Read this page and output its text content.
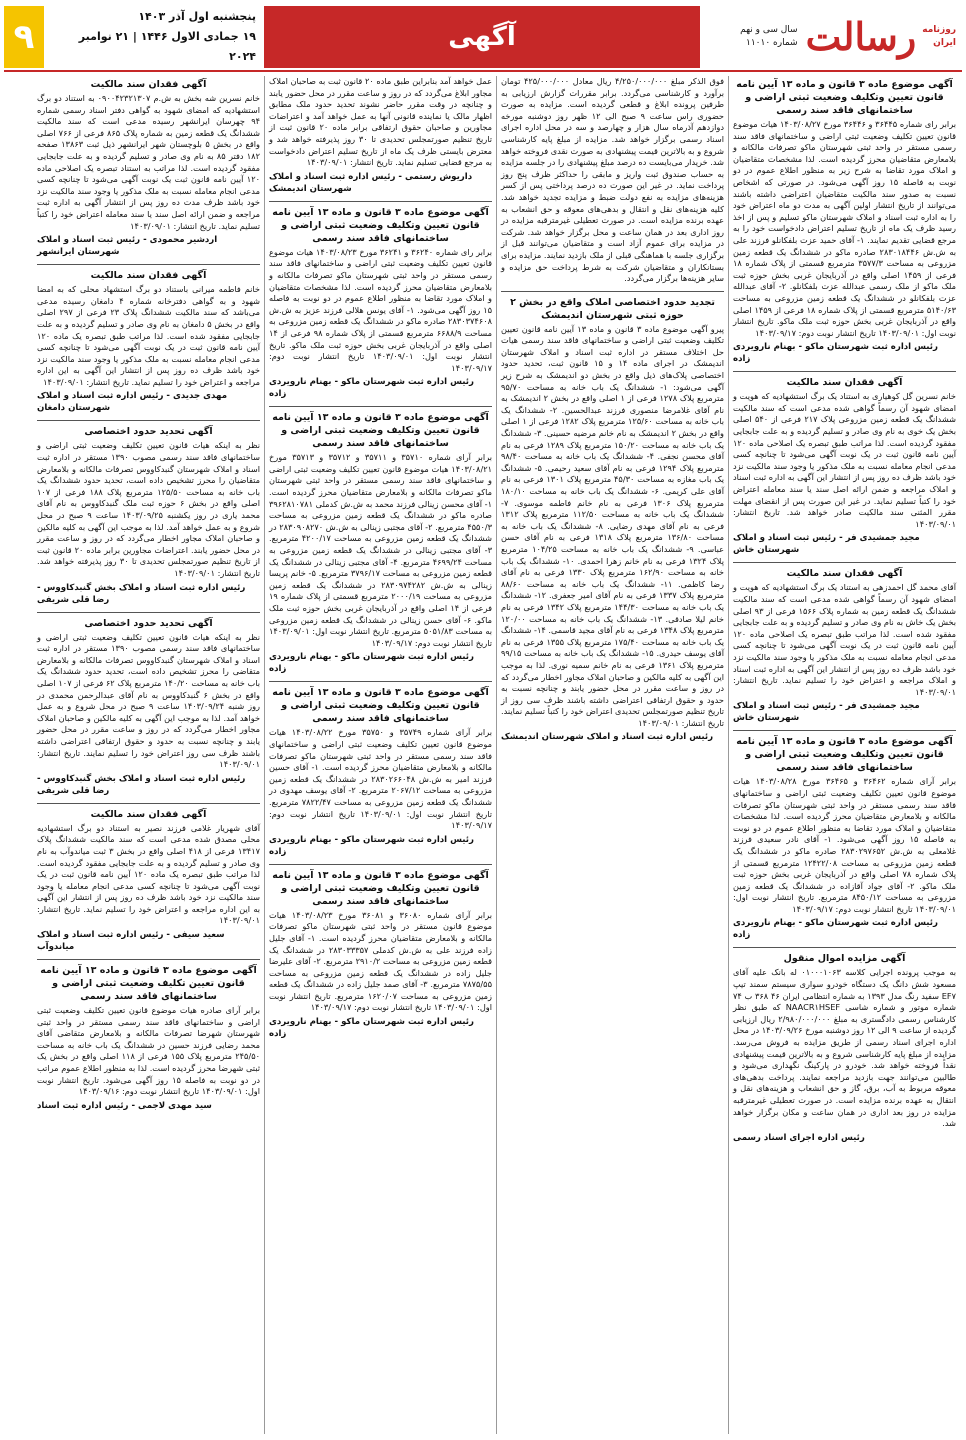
روزنامه
ایران
رسالت
سال سی و نهم
شماره ۱۱۰۱۰
آگهی
پنجشنبه اول آذر ۱۴۰۳
۱۹ جمادی الاول ۱۴۴۶ | ۲۱ نوامبر ۲۰۲۴
۹
آگهی موضوع ماده ۳ قانون و ماده ۱۳ آیین نامه قانون تعیین وتکلیف وضعیت ثبتی اراضی و ساختمانهای فاقد سند رسمی

برابر رای شماره ۳۶۴۴۵ و ۳۶۴۴۶ مورخ ۱۴۰۳/۰۸/۲۷ هیات موضوع قانون تعیین تکلیف وضعیت ثبتی اراضی و ساختمانهای فاقد سند رسمی مستقر در واحد ثبتی شهرستان ماکو تصرفات مالکانه و بلامعارض متقاضیان محرز گردیده است. لذا مشخصات متقاضیان و املاک مورد تقاضا به شرح زیر به منظور اطلاع عموم در دو نوبت به فاصله ۱۵ روز آگهی می‌شود. در صورتی که اشخاص نسبت به صدور سند مالکیت متقاضیان اعتراضی داشته باشند می‌توانند از تاریخ انتشار اولین آگهی به مدت دو ماه اعتراض خود را به اداره ثبت اسناد و املاک شهرستان ماکو تسلیم و پس از اخذ رسید ظرف یک ماه از تاریخ تسلیم اعتراض دادخواست خود را به مرجع قضایی تقدیم نمایند. ۱- آقای حمید عزت بلفکانلو فرزند علی به ش.ش ۲۸۳۰۱۸۴۴۶ صادره ماکو در ششدانگ یک قطعه زمین مزروعی به مساحت ۳۵۷۷/۳ مترمربع قسمتی از پلاک شماره ۱۸ فرعی از ۱۴۵۹ اصلی واقع در آذربایجان غربی بخش حوزه ثبت ملک ماکو از ملک رسمی عبدالله عزت بلفکانلو. ۲- آقای عبدالله عزت بلفکانلو در ششدانگ یک قطعه زمین مزروعی به مساحت ۵۱۴۰/۶۳ مترمربع قسمتی از پلاک شماره ۱۸ فرعی از ۱۴۵۹ اصلی واقع در آذربایجان غربی بخش حوزه ثبت ملک ماکو. تاریخ انتشار نوبت اول: ۱۴۰۳/۰۹/۰۱ تاریخ انتشار نوبت دوم: ۱۴۰۳/۰۹/۱۷

رئیس اداره ثبت شهرستان ماکو - بهنام نارویردی زاده
آگهی فقدان سند مالکیت

خانم نسرین گل کوهیاری به استناد یک برگ استشهادیه که هویت و امضای شهود آن رسماً گواهی شده مدعی است که سند مالکیت ششدانگ یک قطعه زمین مزروعی پلاک ۲۱۷ فرعی از ۵۴۰ اصلی بخش یک خوی به نام وی صادر و تسلیم گردیده و به علت جابجایی مفقود گردیده است. لذا مراتب طبق تبصره یک اصلاحی ماده ۱۲۰ آیین نامه قانون ثبت در یک نوبت آگهی می‌شود تا چنانچه کسی مدعی انجام معامله نسبت به ملک مذکور یا وجود سند مالکیت نزد خود باشد ظرف ده روز پس از انتشار این آگهی به اداره ثبت اسناد و املاک مراجعه و ضمن ارائه اصل سند یا سند معامله اعتراض خود را کتباً تسلیم نماید. در غیر این صورت پس از انقضای مهلت مقرر المثنی سند مالکیت صادر خواهد شد. تاریخ انتشار: ۱۴۰۳/۰۹/۰۱

مجید جمشیدی فر - رئیس ثبت اسناد و املاک شهرستان خاش
آگهی فقدان سند مالکیت

آقای محمد گل احمدزهی به استناد یک برگ استشهادیه که هویت و امضای شهود آن رسماً گواهی شده مدعی است که سند مالکیت ششدانگ یک قطعه زمین به شماره پلاک ۱۵۶۶ فرعی از ۹۳ اصلی بخش یک خاش به نام وی صادر و تسلیم گردیده و به علت جابجایی مفقود شده است. لذا مراتب طبق تبصره یک اصلاحی ماده ۱۲۰ آیین نامه قانون ثبت در یک نوبت آگهی می‌شود تا چنانچه کسی مدعی انجام معامله نسبت به ملک مذکور یا وجود سند مالکیت نزد خود باشد ظرف ده روز پس از انتشار این آگهی به اداره ثبت اسناد و املاک مراجعه و اعتراض خود را تسلیم نماید. تاریخ انتشار: ۱۴۰۳/۰۹/۰۱

مجید جمشیدی فر - رئیس ثبت اسناد و املاک شهرستان خاش
آگهی موضوع ماده ۳ قانون و ماده ۱۳ آیین نامه قانون تعیین وتکلیف وضعیت ثبتی اراضی و ساختمانهای فاقد سند رسمی

برابر آرای شماره ۳۶۴۶۲ و ۳۶۴۶۵ مورخ ۱۴۰۳/۰۸/۲۸ هیات موضوع قانون تعیین تکلیف وضعیت ثبتی اراضی و ساختمانهای فاقد سند رسمی مستقر در واحد ثبتی شهرستان ماکو تصرفات مالکانه و بلامعارض متقاضیان محرز گردیده است. لذا مشخصات متقاضیان و املاک مورد تقاضا به منظور اطلاع عموم در دو نوبت به فاصله ۱۵ روز آگهی می‌شود. ۱- آقای نادر سعیدی فرزند غلامعلی به ش.ش ۲۸۳۰۲۹۷۶۵۲ صادره ماکو در ششدانگ یک قطعه زمین مزروعی به مساحت ۱۲۴۲۲/۰۸ مترمربع قسمتی از پلاک شماره ۷۸ اصلی واقع در آذربایجان غربی بخش حوزه ثبت ملک ماکو. ۲- آقای جواد آقازاده در ششدانگ یک قطعه زمین مزروعی به مساحت ۸۴۵۰/۱۲ مترمربع. تاریخ انتشار نوبت اول: ۱۴۰۳/۰۹/۰۱ تاریخ انتشار نوبت دوم: ۱۴۰۳/۰۹/۱۷

رئیس اداره ثبت شهرستان ماکو - بهنام نارویردی زاده
آگهی مزایده اموال منقول

به موجب پرونده اجرایی کلاسه ۰۱۰۰۰۱۰۶۳ له بانک علیه آقای مسعود شش دانگ یک دستگاه خودرو سواری سیستم سمند تیپ EF۷ سفید رنگ مدل ۱۳۹۳ به شماره انتظامی ایران ۴۶ ۳۶۸ ب ۷۴ شماره موتور و شماره شاسی NAACR۱HSEF که طبق نظر کارشناس رسمی دادگستری به مبلغ ۲/۹۸۰/۰۰۰/۰۰۰ ریال ارزیابی گردیده از ساعت ۹ الی ۱۲ روز دوشنبه مورخ ۱۴۰۳/۰۹/۲۶ در محل اداره اجرای اسناد رسمی از طریق مزایده به فروش می‌رسد. مزایده از مبلغ پایه کارشناسی شروع و به بالاترین قیمت پیشنهادی نقداً فروخته خواهد شد. خودرو در پارکینگ نگهداری می‌شود و طالبین می‌توانند جهت بازدید مراجعه نمایند. پرداخت بدهی‌های معوقه مربوط به آب، برق، گاز و حق انشعاب و هزینه‌های نقل و انتقال به عهده برنده مزایده است. در صورت تعطیلی غیرمترقبه مزایده در روز بعد اداری در همان ساعت و مکان برگزار خواهد شد.

رئیس اداره اجرای اسناد رسمی

فوق الذکر مبلغ ۴/۲۵۰/۰۰۰/۰۰۰ ریال معادل ۴۲۵/۰۰۰/۰۰۰ تومان برآورد و کارشناسی می‌گردد. برابر مقررات گزارش ارزیابی به طرفین پرونده ابلاغ و قطعی گردیده است. مزایده به صورت حضوری راس ساعت ۹ صبح الی ۱۲ ظهر روز دوشنبه مورخه دوازدهم آذرماه سال هزار و چهارصد و سه در محل اداره اجرای اسناد رسمی برگزار خواهد شد. مزایده از مبلغ پایه کارشناسی شروع و به بالاترین قیمت پیشنهادی به صورت نقدی فروخته خواهد شد. خریدار می‌بایست ده درصد مبلغ پیشنهادی را در جلسه مزایده به حساب صندوق ثبت واریز و مابقی را حداکثر ظرف پنج روز پرداخت نماید. در غیر این صورت ده درصد پرداختی پس از کسر هزینه‌های مزایده به نفع دولت ضبط و مزایده تجدید خواهد شد. کلیه هزینه‌های نقل و انتقال و بدهی‌های معوقه و حق انشعاب به عهده برنده مزایده است. در صورت تعطیلی غیرمترقبه مزایده در روز اداری بعد در همان ساعت و محل برگزار خواهد شد. شرکت در مزایده برای عموم آزاد است و متقاضیان می‌توانند قبل از برگزاری جلسه با هماهنگی قبلی از ملک بازدید نمایند. مزایده برای بستانکاران و متقاضیان شرکت به شرط پرداخت حق مزایده و سایر هزینه‌ها برگزار می‌گردد.

تجدید حدود اختصاصی املاک واقع در بخش ۲ حوزه ثبتی شهرستان اندیمشک

پیرو آگهی موضوع ماده ۳ قانون و ماده ۱۳ آیین نامه قانون تعیین تکلیف وضعیت ثبتی اراضی و ساختمانهای فاقد سند رسمی هیات حل اختلاف مستقر در اداره ثبت اسناد و املاک شهرستان اندیمشک در اجرای ماده ۱۴ و ۱۵ قانون ثبت، تحدید حدود اختصاصی پلاک‌های ذیل واقع در بخش دو اندیمشک به شرح زیر آگهی می‌شود: ۱- ششدانگ یک باب خانه به مساحت ۹۵/۷۰ مترمربع پلاک ۱۲۷۸ فرعی از ۱ اصلی واقع در بخش ۲ اندیمشک به نام آقای غلامرضا منصوری فرزند عبدالحسین. ۲- ششدانگ یک باب خانه به مساحت ۱۲۵/۶۰ مترمربع پلاک ۱۲۸۲ فرعی از ۱ اصلی واقع در بخش ۲ اندیمشک به نام خانم مرضیه حسینی. ۳- ششدانگ یک باب خانه به مساحت ۱۵۰/۲۰ مترمربع پلاک ۱۲۸۹ فرعی به نام آقای محسن نجفی. ۴- ششدانگ یک باب خانه به مساحت ۹۸/۴۰ مترمربع پلاک ۱۲۹۴ فرعی به نام آقای سعید رحیمی. ۵- ششدانگ یک باب مغازه به مساحت ۴۵/۳۰ مترمربع پلاک ۱۳۰۱ فرعی به نام آقای علی کریمی. ۶- ششدانگ یک باب خانه به مساحت ۱۸۰/۱۰ مترمربع پلاک ۱۳۰۶ فرعی به نام خانم فاطمه موسوی. ۷- ششدانگ یک باب خانه به مساحت ۱۱۲/۵۰ مترمربع پلاک ۱۳۱۲ فرعی به نام آقای مهدی رضایی. ۸- ششدانگ یک باب خانه به مساحت ۱۳۶/۸۰ مترمربع پلاک ۱۳۱۸ فرعی به نام آقای حسن عباسی. ۹- ششدانگ یک باب خانه به مساحت ۱۰۴/۲۵ مترمربع پلاک ۱۳۲۴ فرعی به نام خانم زهرا احمدی. ۱۰- ششدانگ یک باب خانه به مساحت ۱۶۲/۹۰ مترمربع پلاک ۱۳۳۰ فرعی به نام آقای رضا کاظمی. ۱۱- ششدانگ یک باب خانه به مساحت ۸۸/۶۰ مترمربع پلاک ۱۳۳۷ فرعی به نام آقای امیر جعفری. ۱۲- ششدانگ یک باب خانه به مساحت ۱۴۴/۳۰ مترمربع پلاک ۱۳۴۲ فرعی به نام خانم لیلا صادقی. ۱۳- ششدانگ یک باب خانه به مساحت ۱۲۰/۰۰ مترمربع پلاک ۱۳۴۸ فرعی به نام آقای مجید قاسمی. ۱۴- ششدانگ یک باب خانه به مساحت ۱۷۵/۴۰ مترمربع پلاک ۱۳۵۵ فرعی به نام آقای یوسف حیدری. ۱۵- ششدانگ یک باب خانه به مساحت ۹۹/۱۵ مترمربع پلاک ۱۳۶۱ فرعی به نام خانم سمیه نوری. لذا به موجب این آگهی به کلیه مالکین و صاحبان املاک مجاور اخطار می‌گردد که در روز و ساعت مقرر در محل حضور یابند و چنانچه نسبت به حدود و حقوق ارتفاقی اعتراضی داشته باشند ظرف سی روز از تاریخ تنظیم صورتمجلس تحدیدی اعتراض خود را کتباً تسلیم نمایند. تاریخ انتشار: ۱۴۰۳/۰۹/۰۱

رئیس اداره ثبت اسناد و املاک شهرستان اندیمشک

عمل خواهد آمد بنابراین طبق ماده ۲۰ قانون ثبت به صاحبان املاک مجاور ابلاغ می‌گردد که در روز و ساعت مقرر در محل حضور یابند و چنانچه در وقت مقرر حاضر نشوند تحدید حدود ملک مطابق اظهار مالک یا نماینده قانونی آنها به عمل خواهد آمد و اعتراضات مجاورین و صاحبان حقوق ارتفاقی برابر ماده ۲۰ قانون ثبت از تاریخ تنظیم صورتمجلس تحدیدی تا ۳۰ روز پذیرفته خواهد شد و معترض بایستی ظرف یک ماه از تاریخ تسلیم اعتراض دادخواست به مرجع قضایی تسلیم نماید. تاریخ انتشار: ۱۴۰۳/۰۹/۰۱

داریوش رستمی - رئیس اداره ثبت اسناد و املاک شهرستان اندیمشک
آگهی موضوع ماده ۳ قانون و ماده ۱۳ آیین نامه قانون تعیین وتکلیف وضعیت ثبتی اراضی و ساختمانهای فاقد سند رسمی

برابر رای شماره ۳۶۲۴۰ و ۳۶۲۴۱ مورخ ۱۴۰۳/۰۸/۲۳ هیات موضوع قانون تعیین تکلیف وضعیت ثبتی اراضی و ساختمانهای فاقد سند رسمی مستقر در واحد ثبتی شهرستان ماکو تصرفات مالکانه و بلامعارض متقاضیان محرز گردیده است. لذا مشخصات متقاضیان و املاک مورد تقاضا به منظور اطلاع عموم در دو نوبت به فاصله ۱۵ روز آگهی می‌شود. ۱- آقای یونس هلالی فرزند عزیز به ش.ش ۲۸۳۰۳۷۴۶۰۸ صادره ماکو در ششدانگ یک قطعه زمین مزروعی به مساحت ۶۶۸۸/۹ مترمربع قسمتی از پلاک شماره ۹۸ فرعی از ۱۴ اصلی واقع در آذربایجان غربی بخش حوزه ثبت ملک ماکو. تاریخ انتشار نوبت اول: ۱۴۰۳/۰۹/۰۱ تاریخ انتشار نوبت دوم: ۱۴۰۳/۰۹/۱۷

رئیس اداره ثبت شهرستان ماکو - بهنام نارویردی زاده
آگهی موضوع ماده ۳ قانون و ماده ۱۳ آیین نامه قانون تعیین وتکلیف وضعیت ثبتی اراضی و ساختمانهای فاقد سند رسمی

برابر آرای شماره ۳۵۷۱۰ و ۳۵۷۱۱ و ۳۵۷۱۲ و ۳۵۷۱۳ مورخ ۱۴۰۳/۰۸/۲۱ هیات موضوع قانون تعیین تکلیف وضعیت ثبتی اراضی و ساختمانهای فاقد سند رسمی مستقر در واحد ثبتی شهرستان ماکو تصرفات مالکانه و بلامعارض متقاضیان محرز گردیده است. ۱- آقای محسن زینالی فرزند محمد به ش.ش کدملی ۳۹۶۲۸۱۰۷۸۱ صادره ماکو در ششدانگ یک قطعه زمین مزروعی به مساحت ۴۵۵۰/۳ مترمربع. ۲- آقای مجتبی زینالی به ش.ش ۲۸۳۰۹۰۸۲۷۰ در ششدانگ یک قطعه زمین مزروعی به مساحت ۴۲۰۰/۱۷ مترمربع. ۳- آقای مجتبی زینالی در ششدانگ یک قطعه زمین مزروعی به مساحت ۴۶۹۹/۲۴ مترمربع. ۴- آقای مجتبی زینالی در ششدانگ یک قطعه زمین مزروعی به مساحت ۳۷۹۶/۱۷ مترمربع. ۵- خانم پریسا زینالی به ش.ش ۲۸۳۰۹۷۴۲۸۲ در ششدانگ یک قطعه زمین مزروعی به مساحت ۲۰۰۰/۱۹ مترمربع قسمتی از پلاک شماره ۱۹ فرعی از ۱۴ اصلی واقع در آذربایجان غربی بخش حوزه ثبت ملک ماکو. ۶- آقای حسن زینالی در ششدانگ یک قطعه زمین مزروعی به مساحت ۵۰۵۱/۸۳ مترمربع. تاریخ انتشار نوبت اول: ۱۴۰۳/۰۹/۰۱ تاریخ انتشار نوبت دوم: ۱۴۰۳/۰۹/۱۷

رئیس اداره ثبت شهرستان ماکو - بهنام نارویردی زاده
آگهی موضوع ماده ۳ قانون و ماده ۱۳ آیین نامه قانون تعیین وتکلیف وضعیت ثبتی اراضی و ساختمانهای فاقد سند رسمی

برابر آرای شماره ۳۵۷۴۹ و ۳۵۷۵۰ مورخ ۱۴۰۳/۰۸/۲۲ هیات موضوع قانون تعیین تکلیف وضعیت ثبتی اراضی و ساختمانهای فاقد سند رسمی مستقر در واحد ثبتی شهرستان ماکو تصرفات مالکانه و بلامعارض متقاضیان محرز گردیده است. ۱- آقای حسین فرزند امیر به ش.ش ۲۸۳۰۲۶۶۰۴۸ در ششدانگ یک قطعه زمین مزروعی به مساحت ۲۰۶۷/۱۲ مترمربع. ۲- آقای یوسف مهدوی در ششدانگ یک قطعه زمین مزروعی به مساحت ۷۸۲۲/۴۷ مترمربع. تاریخ انتشار نوبت اول: ۱۴۰۳/۰۹/۰۱ تاریخ انتشار نوبت دوم: ۱۴۰۳/۰۹/۱۷

رئیس اداره ثبت شهرستان ماکو - بهنام نارویردی زاده
آگهی موضوع ماده ۳ قانون و ماده ۱۳ آیین نامه قانون تعیین وتکلیف وضعیت ثبتی اراضی و ساختمانهای فاقد سند رسمی

برابر آرای شماره ۳۶۰۸۰ و ۳۶۰۸۱ مورخ ۱۴۰۳/۰۸/۲۳ هیات موضوع قانون مستقر در واحد ثبتی شهرستان ماکو تصرفات مالکانه و بلامعارض متقاضیان محرز گردیده است. ۱- آقای جلیل زاده فرزند علی به ش.ش کدملی ۲۸۳۰۳۳۳۵۷ در ششدانگ یک قطعه زمین مزروعی به مساحت ۲۹۱۰/۲ مترمربع. ۲- آقای علیرضا جلیل زاده در ششدانگ یک قطعه زمین مزروعی به مساحت ۷۸۷۵/۵۵ مترمربع. ۳- آقای صمد جلیل زاده در ششدانگ یک قطعه زمین مزروعی به مساحت ۱۶۲۰/۰۷ مترمربع. تاریخ انتشار نوبت اول: ۱۴۰۳/۰۹/۰۱ تاریخ انتشار نوبت دوم: ۱۴۰۳/۰۹/۱۷

رئیس اداره ثبت شهرستان ماکو - بهنام نارویردی زاده
آگهی فقدان سند مالکیت

خانم نسرین شه بخش به ش.م ۰۹۰۰۴۲۳۲۱۳۰۷ به استناد دو برگ استشهادیه که امضای شهود به گواهی دفتر اسناد رسمی شماره ۹۴ چهرسان ایرانشهر رسیده مدعی است که سند مالکیت ششدانگ یک قطعه زمین به شماره پلاک ۸۶۵ فرعی از ۷۶۶ اصلی واقع در بخش ۵ بلوچستان شهر ایرانشهر ذیل ثبت ۱۳۸۶۳ صفحه ۱۸۲ دفتر ۸۵ به نام وی صادر و تسلیم گردیده و به علت جابجایی مفقود گردیده است. لذا مراتب به استناد تبصره یک اصلاحی ماده ۱۲۰ آیین نامه قانون ثبت یک نوبت آگهی می‌شود تا چنانچه کسی مدعی انجام معامله نسبت به ملک مذکور یا وجود سند مالکیت نزد خود باشد ظرف مدت ده روز پس از انتشار آگهی به اداره ثبت مراجعه و ضمن ارائه اصل سند یا سند معامله اعتراض خود را کتباً تسلیم نماید. تاریخ انتشار: ۱۴۰۳/۰۹/۰۱

اردشیر محمودی - رئیس ثبت اسناد و املاک شهرستان ایرانشهر
آگهی فقدان سند مالکیت

خانم فاطمه میرانی باستناد دو برگ استشهاد محلی که به امضا شهود و به گواهی دفترخانه شماره ۴ دامغان رسیده مدعی می‌باشد که سند مالکیت ششدانگ پلاک ۲۳ فرعی از ۲۹۷ اصلی واقع در بخش ۵ دامغان به نام وی صادر و تسلیم گردیده و به علت جابجایی مفقود شده است. لذا مراتب طبق تبصره یک ماده ۱۲۰ آیین نامه قانون ثبت در یک نوبت آگهی می‌شود تا چنانچه کسی مدعی انجام معامله نسبت به ملک مذکور یا وجود سند مالکیت نزد خود باشد ظرف ده روز پس از انتشار این آگهی به این اداره مراجعه و اعتراض خود را تسلیم نماید. تاریخ انتشار: ۱۴۰۳/۰۹/۰۱

مهدی جدیدی - رئیس اداره ثبت اسناد و املاک شهرستان دامغان
آگهی تحدید حدود اختصاصی

نظر به اینکه هیات قانون تعیین تکلیف وضعیت ثبتی اراضی و ساختمانهای فاقد سند رسمی مصوب ۱۳۹۰ مستقر در اداره ثبت اسناد و املاک شهرستان گنبدکاووس تصرفات مالکانه و بلامعارض متقاضیان را محرز تشخیص داده است، تحدید حدود ششدانگ یک باب خانه به مساحت ۱۲۵/۵۰ مترمربع پلاک ۱۸۸ فرعی از ۱۰۷ اصلی واقع در بخش ۶ حوزه ثبت ملک گنبدکاووس به نام آقای محمد یاری در روز یکشنبه ۱۴۰۳/۰۹/۲۵ ساعت ۹ صبح در محل شروع و به عمل خواهد آمد. لذا به موجب این آگهی به کلیه مالکین و صاحبان املاک مجاور اخطار می‌گردد که در روز و ساعت مقرر در محل حضور یابند. اعتراضات مجاورین برابر ماده ۲۰ قانون ثبت از تاریخ تنظیم صورتمجلس تحدیدی تا ۳۰ روز پذیرفته خواهد شد. تاریخ انتشار: ۱۴۰۳/۰۹/۰۱

رئیس اداره ثبت اسناد و املاک بخش گنبدکاووس - رضا قلی شریفی
آگهی تحدید حدود اختصاصی

نظر به اینکه هیات قانون تعیین تکلیف وضعیت ثبتی اراضی و ساختمانهای فاقد سند رسمی مصوب ۱۳۹۰ مستقر در اداره ثبت اسناد و املاک شهرستان گنبدکاووس تصرفات مالکانه و بلامعارض متقاضی را محرز تشخیص داده است، تحدید حدود ششدانگ یک باب خانه به مساحت ۱۴۰/۲۰ مترمربع پلاک ۶۲ فرعی از ۱۰۷ اصلی واقع در بخش ۶ گنبدکاووس به نام آقای عبدالرحمن محمدی در روز شنبه ۱۴۰۳/۰۹/۲۴ ساعت ۹ صبح در محل شروع و به عمل خواهد آمد. لذا به موجب این آگهی به کلیه مالکین و صاحبان املاک مجاور اخطار می‌گردد که در روز و ساعت مقرر در محل حضور یابند و چنانچه نسبت به حدود و حقوق ارتفاقی اعتراضی داشته باشند ظرف سی روز اعتراض خود را تسلیم نمایند. تاریخ انتشار: ۱۴۰۳/۰۹/۰۱

رئیس اداره ثبت اسناد و املاک بخش گنبدکاووس - رضا قلی شریفی
آگهی فقدان سند مالکیت

آقای شهریار غلامی فرزند نصیر به استناد دو برگ استشهادیه محلی مصدق شده مدعی است که سند مالکیت ششدانگ پلاک ۱۳۴۱۷ فرعی از ۴۱۸ اصلی واقع در بخش ۳ ثبت میاندوآب به نام وی صادر و تسلیم گردیده و به علت جابجایی مفقود گردیده است. لذا مراتب طبق تبصره یک ماده ۱۲۰ آیین نامه قانون ثبت در یک نوبت آگهی می‌شود تا چنانچه کسی مدعی انجام معامله یا وجود سند مالکیت نزد خود باشد ظرف ده روز پس از انتشار این آگهی به این اداره مراجعه و اعتراض خود را تسلیم نماید. تاریخ انتشار: ۱۴۰۳/۰۹/۰۱

سعید سیفی - رئیس اداره ثبت اسناد و املاک میاندوآب
آگهی موضوع ماده ۳ قانون و ماده ۱۳ آیین نامه قانون تعیین تکلیف وضعیت ثبتی اراضی و ساختمانهای فاقد سند رسمی

برابر آرای صادره هیات موضوع قانون تعیین تکلیف وضعیت ثبتی اراضی و ساختمانهای فاقد سند رسمی مستقر در واحد ثبتی شهرستان شهرضا تصرفات مالکانه و بلامعارض متقاضی آقای محمد رضایی فرزند حسین در ششدانگ یک باب خانه به مساحت ۲۴۵/۵۰ مترمربع پلاک ۱۵۵ فرعی از ۱۱۸ اصلی واقع در بخش یک ثبتی شهرضا محرز گردیده است. لذا به منظور اطلاع عموم مراتب در دو نوبت به فاصله ۱۵ روز آگهی می‌شود. تاریخ انتشار نوبت اول: ۱۴۰۳/۰۹/۰۱ تاریخ انتشار نوبت دوم: ۱۴۰۳/۰۹/۱۶

سید مهدی لاجمی - رئیس اداره ثبت اسناد
